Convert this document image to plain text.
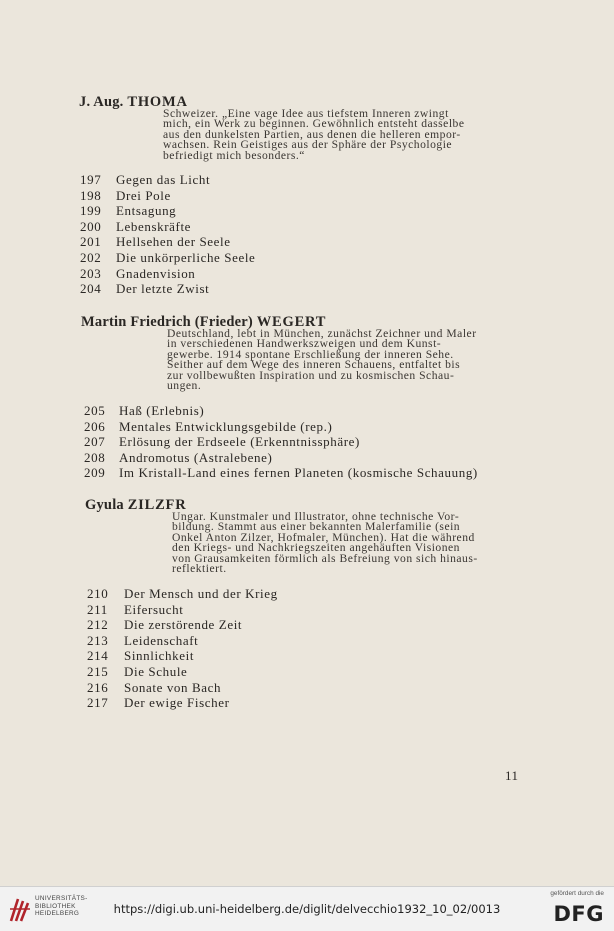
J. Aug. THOMA
Schweizer. „Eine vage Idee aus tiefstem Inneren zwingt
mich, ein Werk zu beginnen. Gewöhnlich entsteht dasselbe
aus den dunkelsten Partien, aus denen die helleren empor-
wachsen. Rein Geistiges aus der Sphäre der Psychologie
befriedigt mich besonders.“
197 Gegen das Licht
198 Drei Pole
199 Entsagung
200 Lebenskräfte
201 Hellsehen der Seele
202 Die unkörperliche Seele
203 Gnadenvision
204 Der letzte Zwist
Martin Friedrich (Frieder) WEGERT
Deutschland, lebt in München, zunächst Zeichner und Maler
in verschiedenen Handwerkszweigen und dem Kunst-
gewerbe. 1914 spontane Erschließung der inneren Sehe.
Seither auf dem Wege des inneren Schauens, entfaltet bis
zur vollbewußten Inspiration und zu kosmischen Schau-
ungen.
205 Haß (Erlebnis)
206 Mentales Entwicklungsgebilde (rep.)
207 Erlösung der Erdseele (Erkenntnissphäre)
208 Andromotus (Astralebene)
209 Im Kristall-Land eines fernen Planeten (kosmische Schauung)
Gyula ZILZFR
Ungar. Kunstmaler und Illustrator, ohne technische Vor-
bildung. Stammt aus einer bekannten Malerfamilie (sein
Onkel Anton Zilzer, Hofmaler, München). Hat die während
den Kriegs- und Nachkriegszeiten angehäuften Visionen
von Grausamkeiten förmlich als Befreiung von sich hinaus-
reflektiert.
210 Der Mensch und der Krieg
211 Eifersucht
212 Die zerstörende Zeit
213 Leidenschaft
214 Sinnlichkeit
215 Die Schule
216 Sonate von Bach
217 Der ewige Fischer
11
UNIVERSITÄTS-
BIBLIOTHEK
HEIDELBERG	https://digi.ub.uni-heidelberg.de/diglit/delvecchio1932_10_02/0013
gefördert durch die
DFG
